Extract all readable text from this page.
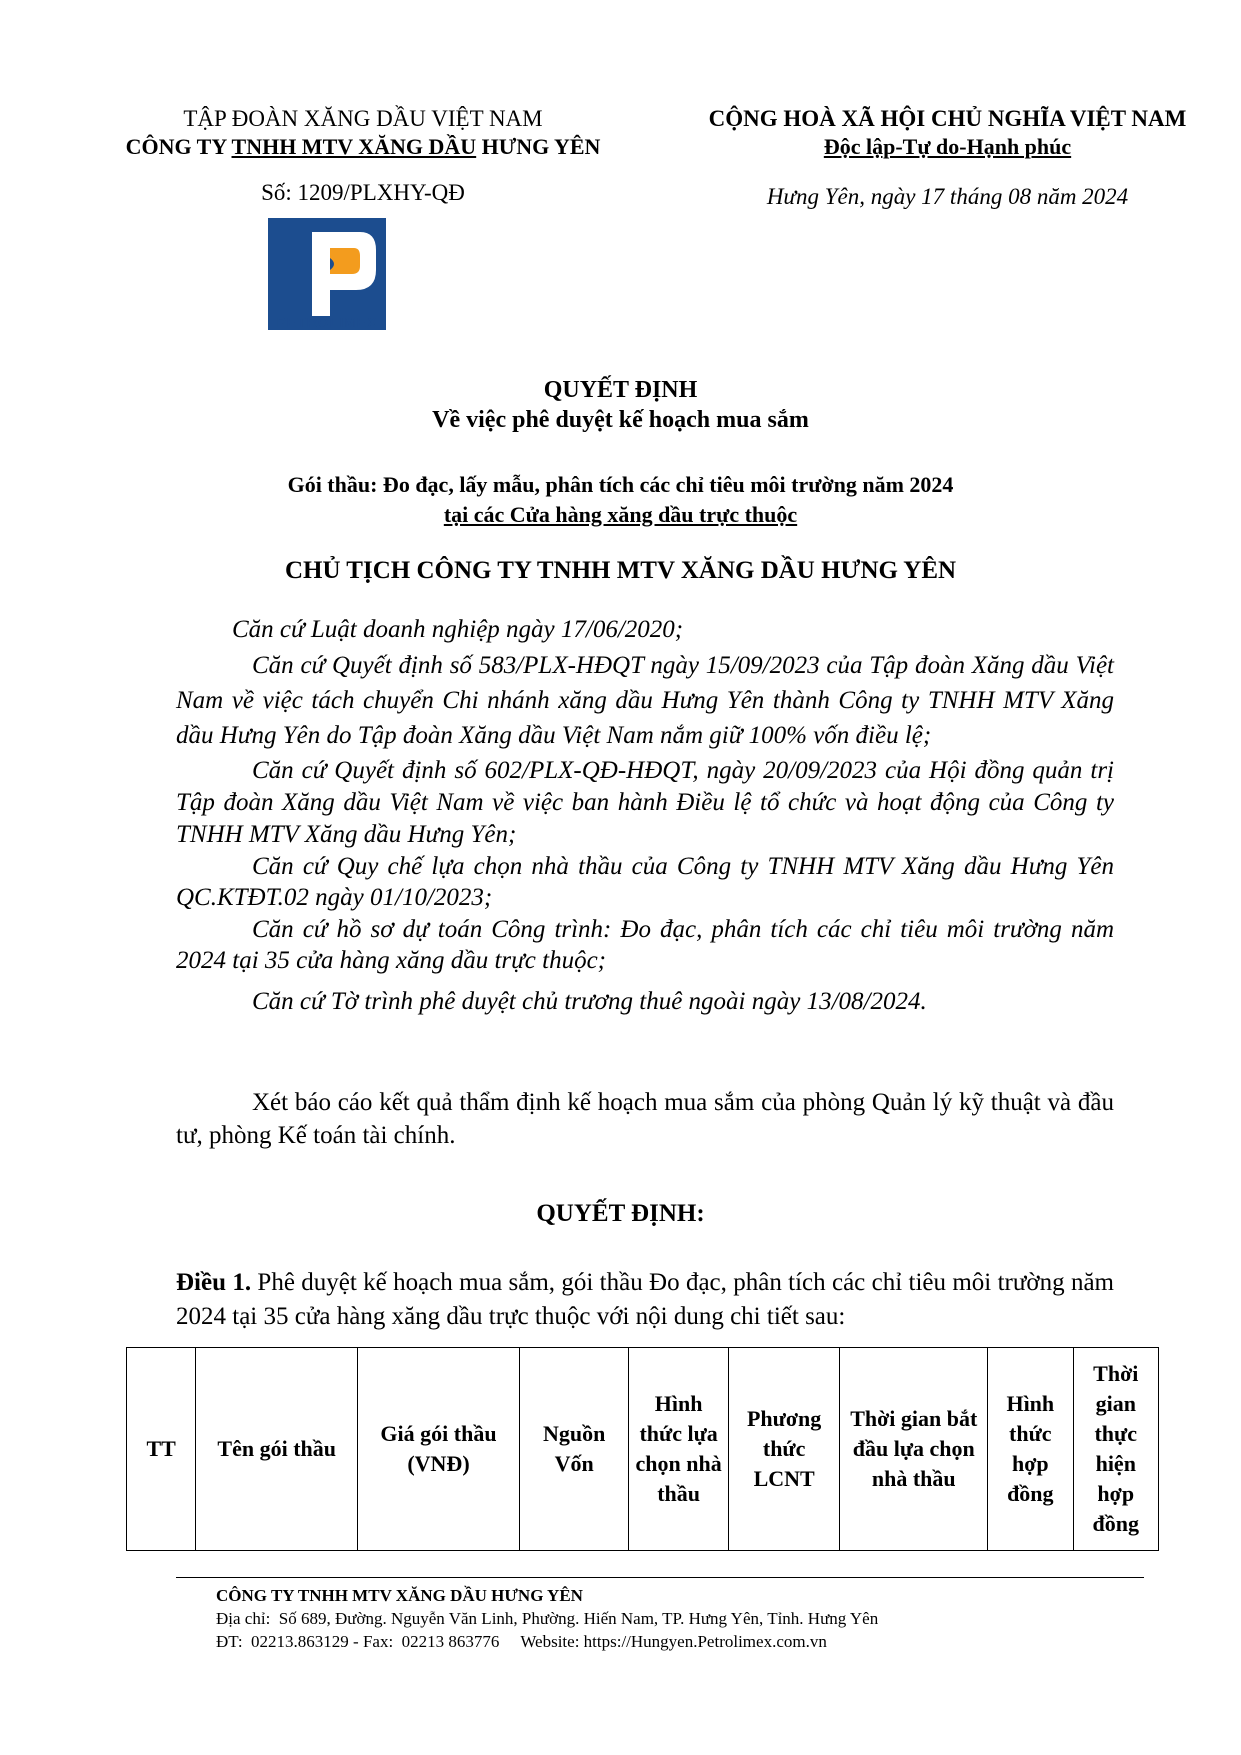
TẬP ĐOÀN XĂNG DẦU VIỆT NAM
CÔNG TY TNHH MTV XĂNG DẦU HƯNG YÊN
Số: 1209/PLXHY-QĐ
CỘNG HOÀ XÃ HỘI CHỦ NGHĨA VIỆT NAM
Độc lập-Tự do-Hạnh phúc
Hưng Yên, ngày 17 tháng 08 năm 2024
PETROLIMEX
QUYẾT ĐỊNH
Về việc phê duyệt kế hoạch mua sắm
Gói thầu: Đo đạc, lấy mẫu, phân tích các chỉ tiêu môi trường năm 2024
tại các Cửa hàng xăng dầu trực thuộc
CHỦ TỊCH CÔNG TY TNHH MTV XĂNG DẦU HƯNG YÊN

Căn cứ Luật doanh nghiệp ngày 17/06/2020;

Căn cứ Quyết định số 583/PLX-HĐQT ngày 15/09/2023 của Tập đoàn Xăng dầu Việt Nam về việc tách chuyển Chi nhánh xăng dầu Hưng Yên thành Công ty TNHH MTV Xăng dầu Hưng Yên do Tập đoàn Xăng dầu Việt Nam nắm giữ 100% vốn điều lệ;

Căn cứ Quyết định số 602/PLX-QĐ-HĐQT, ngày 20/09/2023 của Hội đồng quản trị Tập đoàn Xăng dầu Việt Nam về việc ban hành Điều lệ tổ chức và hoạt động của Công ty TNHH MTV Xăng dầu Hưng Yên;

Căn cứ Quy chế lựa chọn nhà thầu của Công ty TNHH MTV Xăng dầu Hưng Yên QC.KTĐT.02 ngày 01/10/2023;

Căn cứ hồ sơ dự toán Công trình: Đo đạc, phân tích các chỉ tiêu môi trường năm 2024 tại 35 cửa hàng xăng dầu trực thuộc;

Căn cứ Tờ trình phê duyệt chủ trương thuê ngoài ngày 13/08/2024.

Xét báo cáo kết quả thẩm định kế hoạch mua sắm của phòng Quản lý kỹ thuật và đầu tư, phòng Kế toán tài chính.
QUYẾT ĐỊNH:
Điều 1. Phê duyệt kế hoạch mua sắm, gói thầu Đo đạc, phân tích các chỉ tiêu môi trường năm 2024 tại 35 cửa hàng xăng dầu trực thuộc với nội dung chi tiết sau:
TT	Tên gói thầu	Giá gói thầu (VNĐ)	Nguồn Vốn	Hình thức lựa chọn nhà thầu	Phương thức LCNT	Thời gian bắt đầu lựa chọn nhà thầu	Hình thức hợp đồng	Thời gian thực hiện hợp đồng
CÔNG TY TNHH MTV XĂNG DẦU HƯNG YÊN
Địa chỉ:  Số 689, Đường. Nguyễn Văn Linh, Phường. Hiến Nam, TP. Hưng Yên, Tỉnh. Hưng Yên
ĐT:  02213.863129 - Fax:  02213 863776     Website: https://Hungyen.Petrolimex.com.vn
